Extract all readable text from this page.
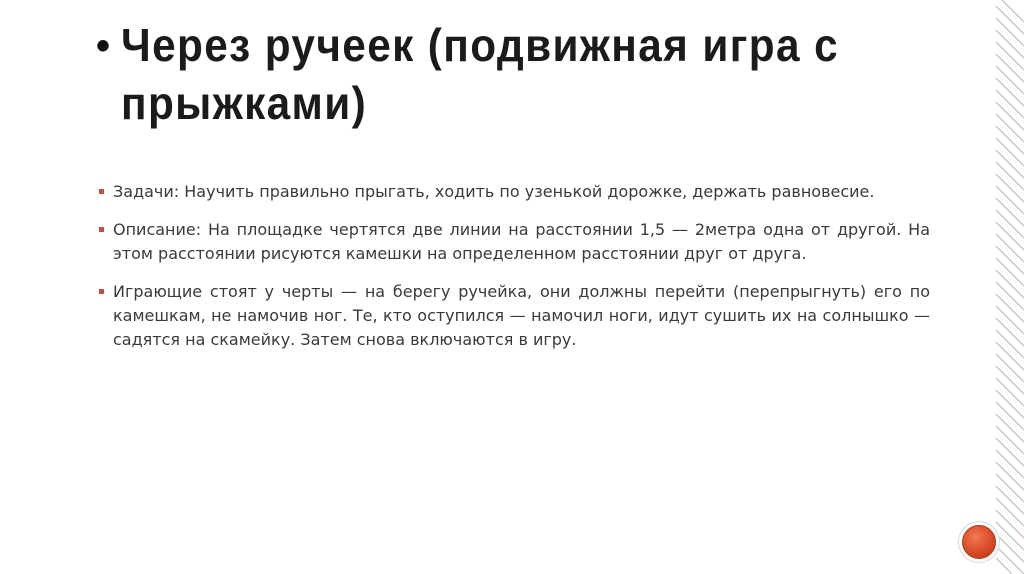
• Через ручеек (подвижная игра с прыжками)

Задачи: Научить правильно прыгать, ходить по узенькой дорожке, держать равновесие.

Описание: На площадке чертятся две линии на расстоянии 1,5 — 2метра одна от другой. На этом расстоянии рисуются камешки на определенном расстоянии друг от друга.

Играющие стоят у черты — на берегу ручейка, они должны перейти (перепрыгнуть) его по камешкам, не намочив ног. Те, кто оступился — намочил ноги, идут сушить их на солнышко — садятся на скамейку. Затем снова включаются в игру.
